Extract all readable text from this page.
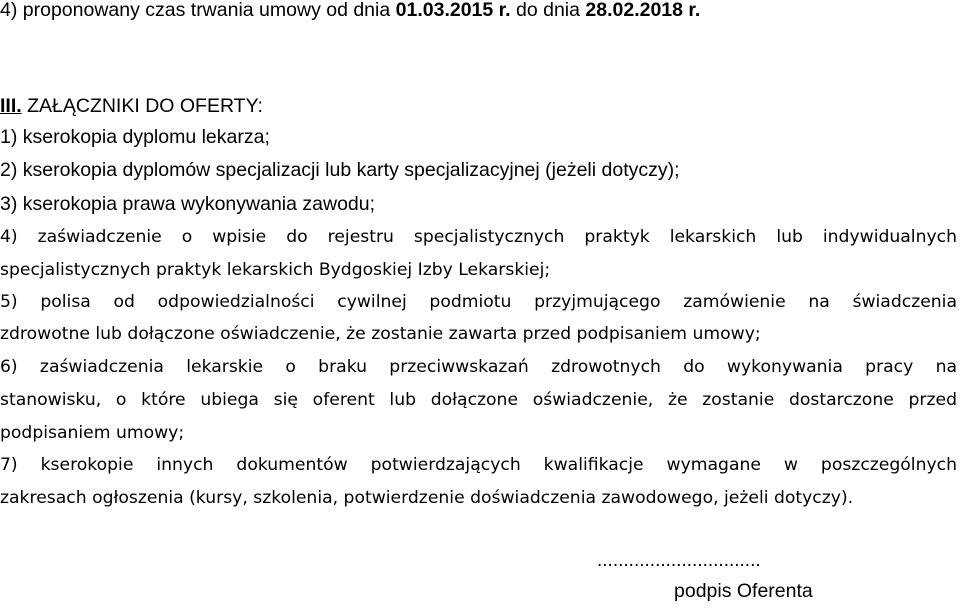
4) proponowany czas trwania umowy od dnia 01.03.2015 r. do dnia 28.02.2018 r.
III. ZAŁĄCZNIKI DO OFERTY:
1) kserokopia dyplomu lekarza;
2) kserokopia dyplomów specjalizacji lub karty specjalizacyjnej (jeżeli dotyczy);
3) kserokopia prawa wykonywania zawodu;
4) zaświadczenie o wpisie do rejestru specjalistycznych praktyk lekarskich lub indywidualnych
specjalistycznych praktyk lekarskich Bydgoskiej Izby Lekarskiej;
5) polisa od odpowiedzialności cywilnej podmiotu przyjmującego zamówienie na świadczenia
zdrowotne lub dołączone oświadczenie, że zostanie zawarta przed podpisaniem umowy;
6) zaświadczenia lekarskie o braku przeciwwskazań zdrowotnych do wykonywania pracy na
stanowisku, o które ubiega się oferent lub dołączone oświadczenie, że zostanie dostarczone przed
podpisaniem umowy;
7) kserokopie innych dokumentów potwierdzających kwalifikacje wymagane w poszczególnych
zakresach ogłoszenia (kursy, szkolenia, potwierdzenie doświadczenia zawodowego, jeżeli dotyczy).
...............................
podpis Oferenta
